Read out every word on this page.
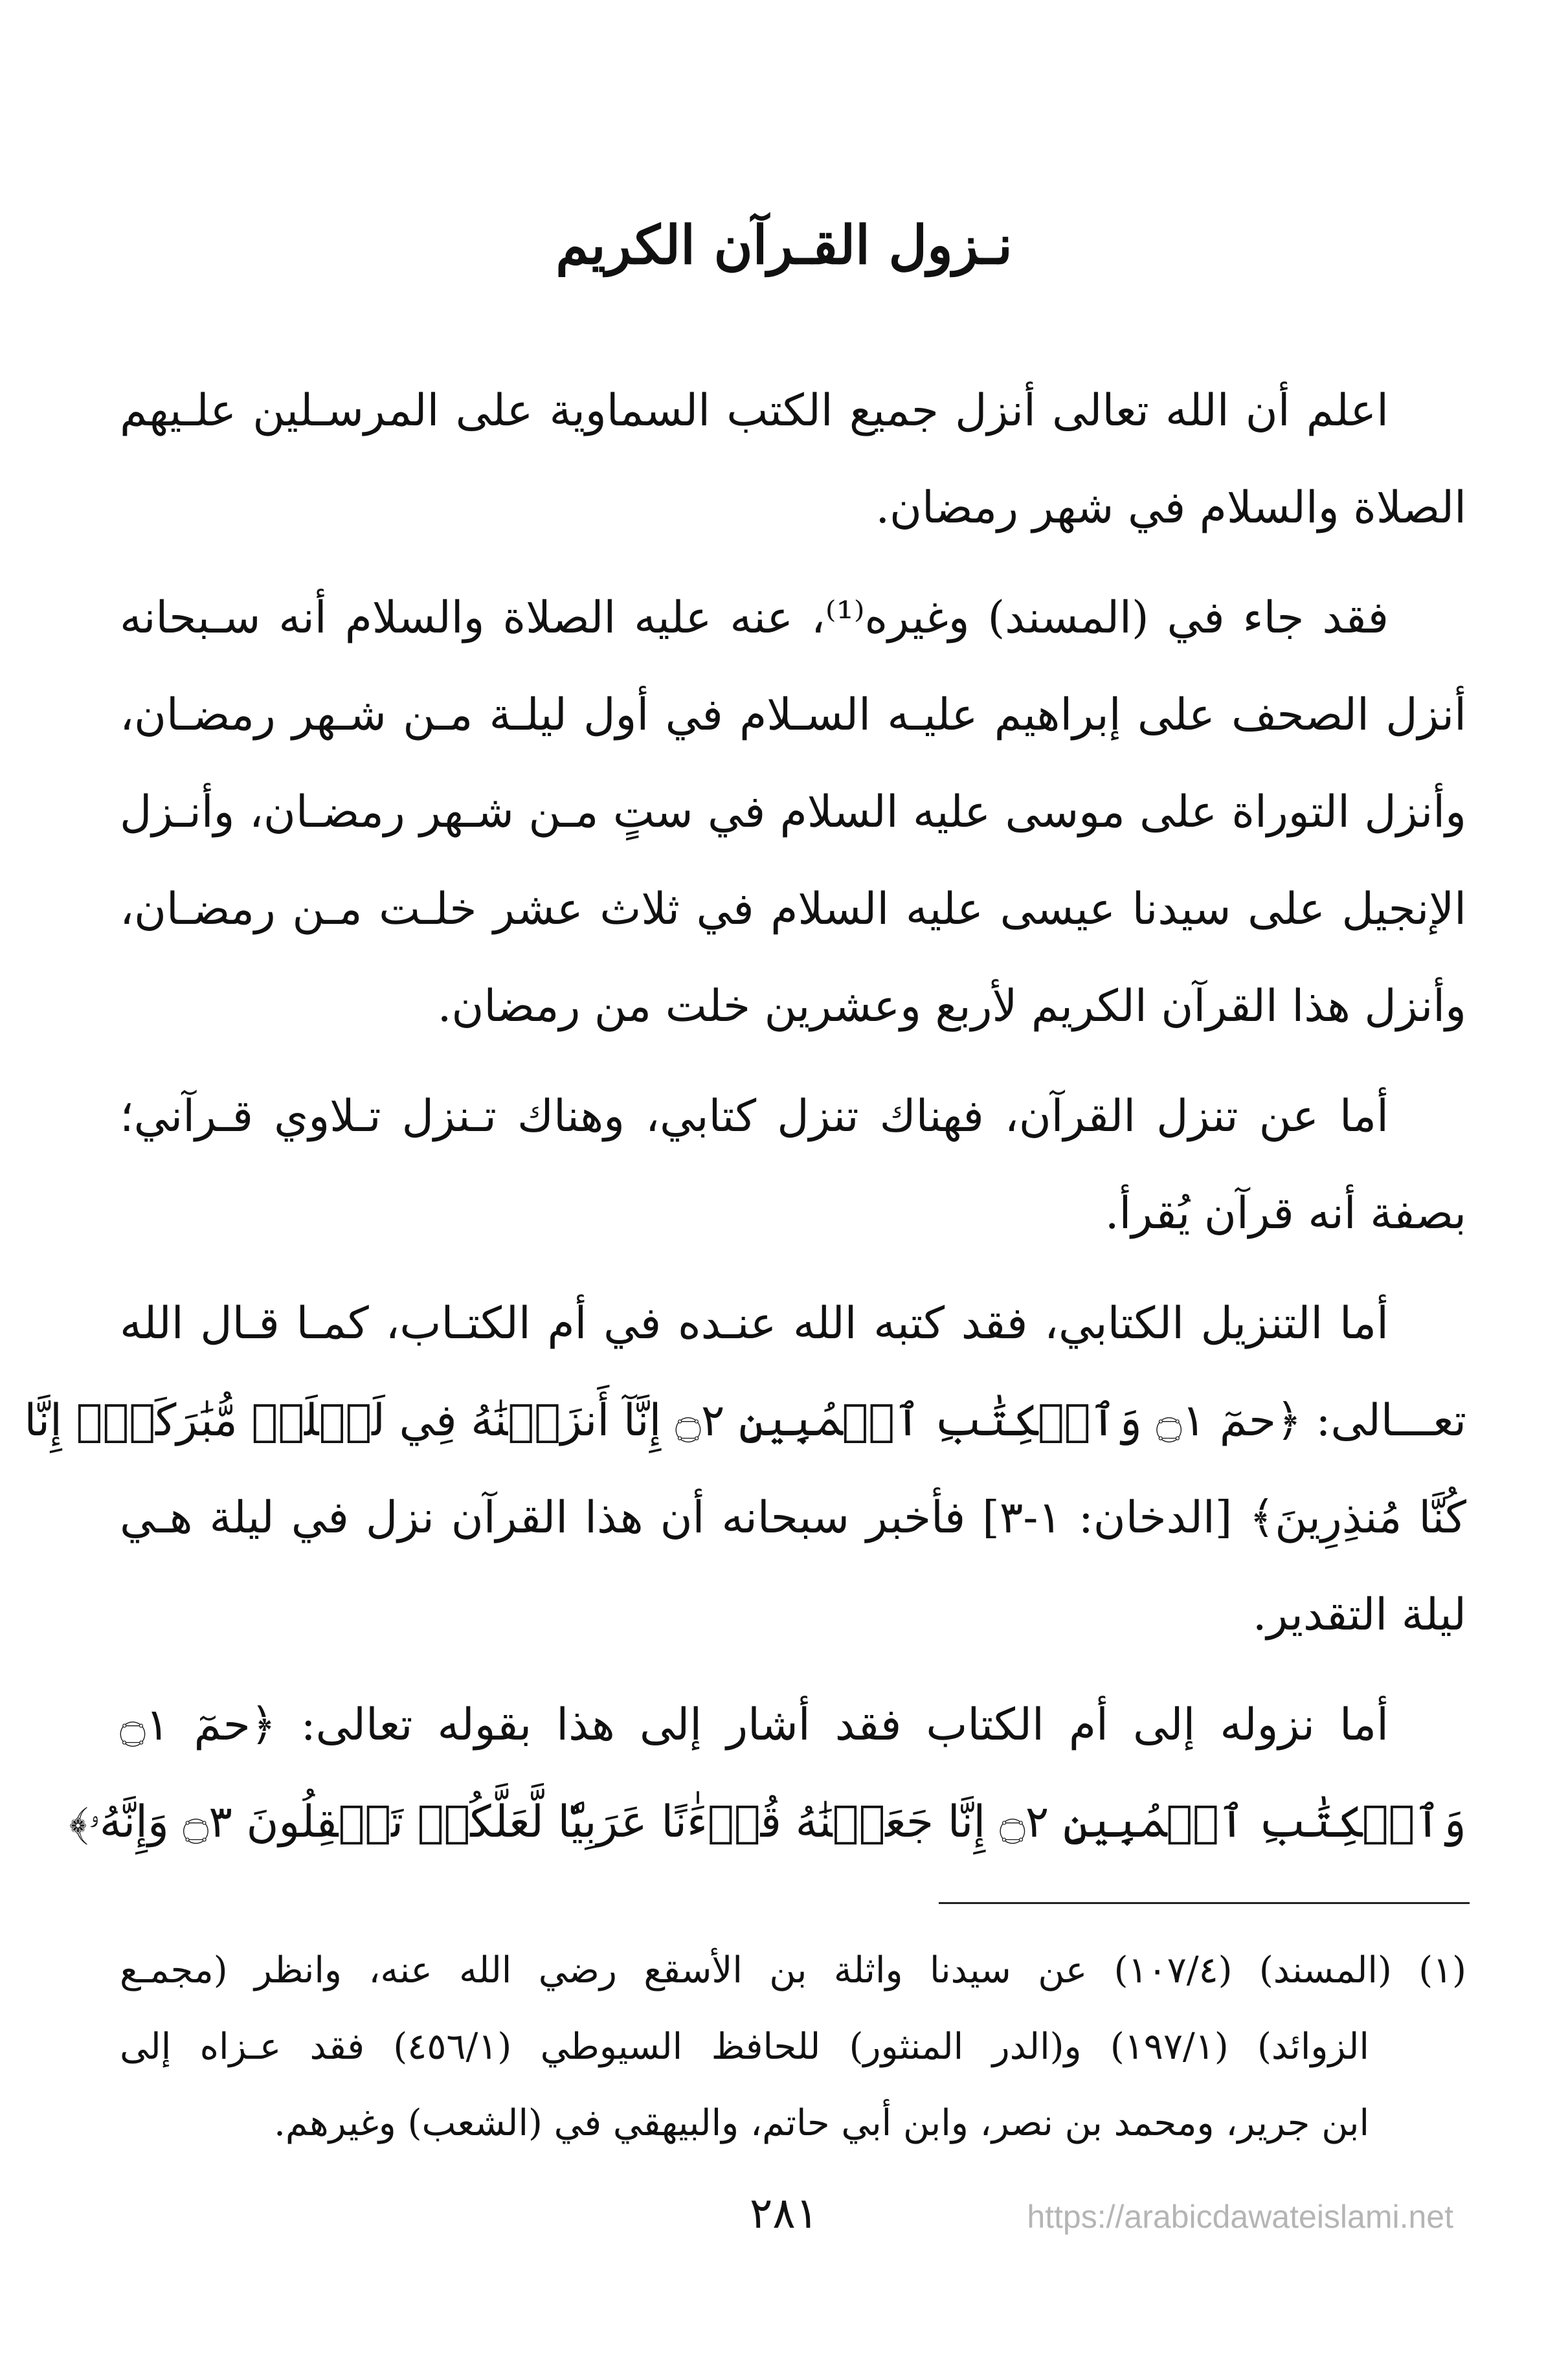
نـزول القـرآن الكريم

اعلم أن الله تعالى أنزل جميع الكتب السماوية على المرسـلين علـيهم
الصلاة والسلام في شهر رمضان.

فقد جاء في (المسند) وغيره⁽¹⁾، عنه عليه الصلاة والسلام أنه سـبحانه
أنزل الصحف على إبراهيم عليـه السـلام في أول ليلـة مـن شـهر رمضـان،
وأنزل التوراة على موسى عليه السلام في ستٍ مـن شـهر رمضـان، وأنـزل
الإنجيل على سيدنا عيسى عليه السلام في ثلاث عشر خلـت مـن رمضـان،
وأنزل هذا القرآن الكريم لأربع وعشرين خلت من رمضان.

أما عن تنزل القرآن، فهناك تنزل كتابي، وهناك تـنزل تـلاوي قـرآني؛
بصفة أنه قرآن يُقرأ.

أما التنزيل الكتابي، فقد كتبه الله عنـده في أم الكتـاب، كمـا قـال الله
تعـــالى: ﴿حمٓ ۝١ وَٱلۡكِتَٰبِ ٱلۡمُبِينِ ۝٢ إِنَّآ أَنزَلۡنَٰهُ فِي لَيۡلَةٖ مُّبَٰرَكَةٍۚ إِنَّا
كُنَّا مُنذِرِينَ﴾ [الدخان: ١-٣] فأخبر سبحانه أن هذا القرآن نزل في ليلة هـي
ليلة التقدير.

أما نزوله إلى أم الكتاب فقد أشار إلى هذا بقوله تعالى: ﴿حمٓ ۝١
وَٱلۡكِتَٰبِ ٱلۡمُبِينِ ۝٢ إِنَّا جَعَلۡنَٰهُ قُرۡءَٰنًا عَرَبِيّٗا لَّعَلَّكُمۡ تَعۡقِلُونَ ۝٣ وَإِنَّهُۥ﴾

(١) (المسند) (١٠٧/٤) عن سيدنا واثلة بن الأسقع رضي الله عنه، وانظر (مجمـع
الزوائد) (١٩٧/١) و(الدر المنثور) للحافظ السيوطي (٤٥٦/١) فقد عـزاه إلى
ابن جرير، ومحمد بن نصر، وابن أبي حاتم، والبيهقي في (الشعب) وغيرهم.
٢٨١	https://arabicdawateislami.net
